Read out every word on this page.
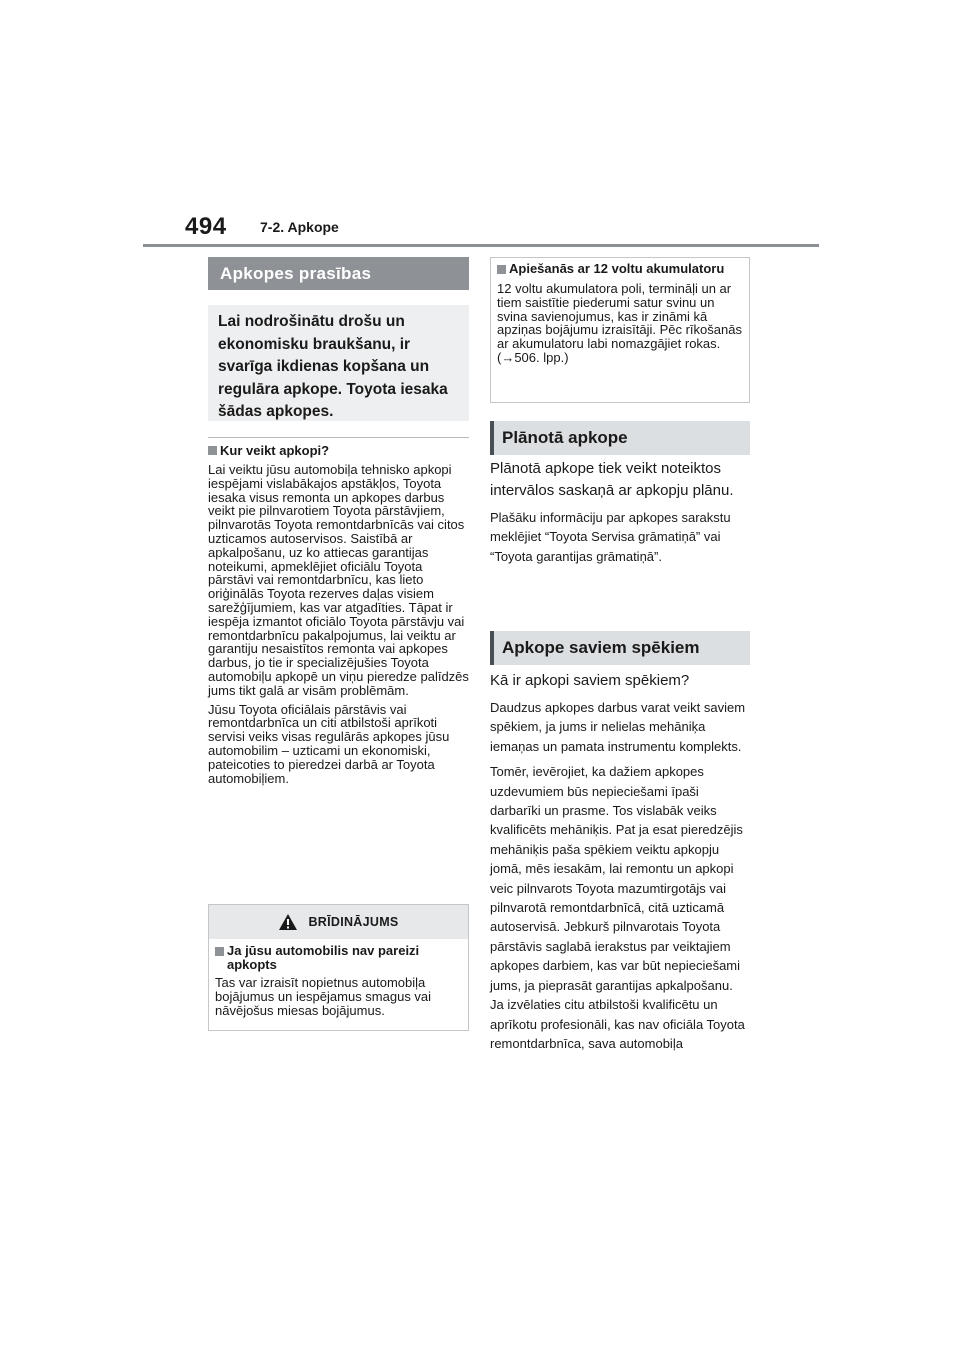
494 7-2. Apkope
Apkopes prasības
Lai nodrošinātu drošu un ekonomisku braukšanu, ir svarīga ikdienas kopšana un regulāra apkope. Toyota iesaka šādas apkopes.
Kur veikt apkopi?

Lai veiktu jūsu automobiļa tehnisko apkopi iespējami vislabākajos apstākļos, Toyota iesaka visus remonta un apkopes darbus veikt pie pilnvarotiem Toyota pārstāvjiem, pilnvarotās Toyota remontdarbnīcās vai citos uzticamos autoservisos. Saistībā ar apkalpošanu, uz ko attiecas garantijas noteikumi, apmeklējiet oficiālu Toyota pārstāvi vai remontdarbnīcu, kas lieto oriģinālās Toyota rezerves daļas visiem sarežģījumiem, kas var atgadīties. Tāpat ir iespēja izmantot oficiālo Toyota pārstāvju vai remontdarbnīcu pakalpojumus, lai veiktu ar garantiju nesaistītos remonta vai apkopes darbus, jo tie ir specializējušies Toyota automobiļu apkopē un viņu pieredze palīdzēs jums tikt galā ar visām problēmām.

Jūsu Toyota oficiālais pārstāvis vai remontdarbnīca un citi atbilstoši aprīkoti servisi veiks visas regulārās apkopes jūsu automobilim – uzticami un ekonomiski, pateicoties to pieredzei darbā ar Toyota automobiļiem.

BRĪDINĀJUMS
Ja jūsu automobilis nav pareizi apkopts

Tas var izraisīt nopietnus automobiļa bojājumus un iespējamus smagus vai nāvējošus miesas bojājumus.

Apiešanās ar 12 voltu akumulatoru

12 voltu akumulatora poli, termināļi un ar tiem saistītie piederumi satur svinu un svina savienojumus, kas ir zināmi kā apziņas bojājumu izraisītāji. Pēc rīkošanās ar akumulatoru labi nomazgājiet rokas. (→506. lpp.)

Plānotā apkope

Plānotā apkope tiek veikt noteiktos intervālos saskaņā ar apkopju plānu.

Plašāku informāciju par apkopes sarakstu meklējiet “Toyota Servisa grāmatiņā” vai “Toyota garantijas grāmatiņā”.

Apkope saviem spēkiem

Kā ir apkopi saviem spēkiem?

Daudzus apkopes darbus varat veikt saviem spēkiem, ja jums ir nelielas mehāniķa iemaņas un pamata instrumentu komplekts.

Tomēr, ievērojiet, ka dažiem apkopes uzdevumiem būs nepieciešami īpaši darbarīki un prasme. Tos vislabāk veiks kvalificēts mehāniķis. Pat ja esat pieredzējis mehāniķis paša spēkiem veiktu apkopju jomā, mēs iesakām, lai remontu un apkopi veic pilnvarots Toyota mazumtirgotājs vai pilnvarotā remontdarbnīcā, citā uzticamā autoservisā. Jebkurš pilnvarotais Toyota pārstāvis saglabā ierakstus par veiktajiem apkopes darbiem, kas var būt nepieciešami jums, ja pieprasāt garantijas apkalpošanu. Ja izvēlaties citu atbilstoši kvalificētu un aprīkotu profesionāli, kas nav oficiāla Toyota remontdarbnīca, sava automobiļa
